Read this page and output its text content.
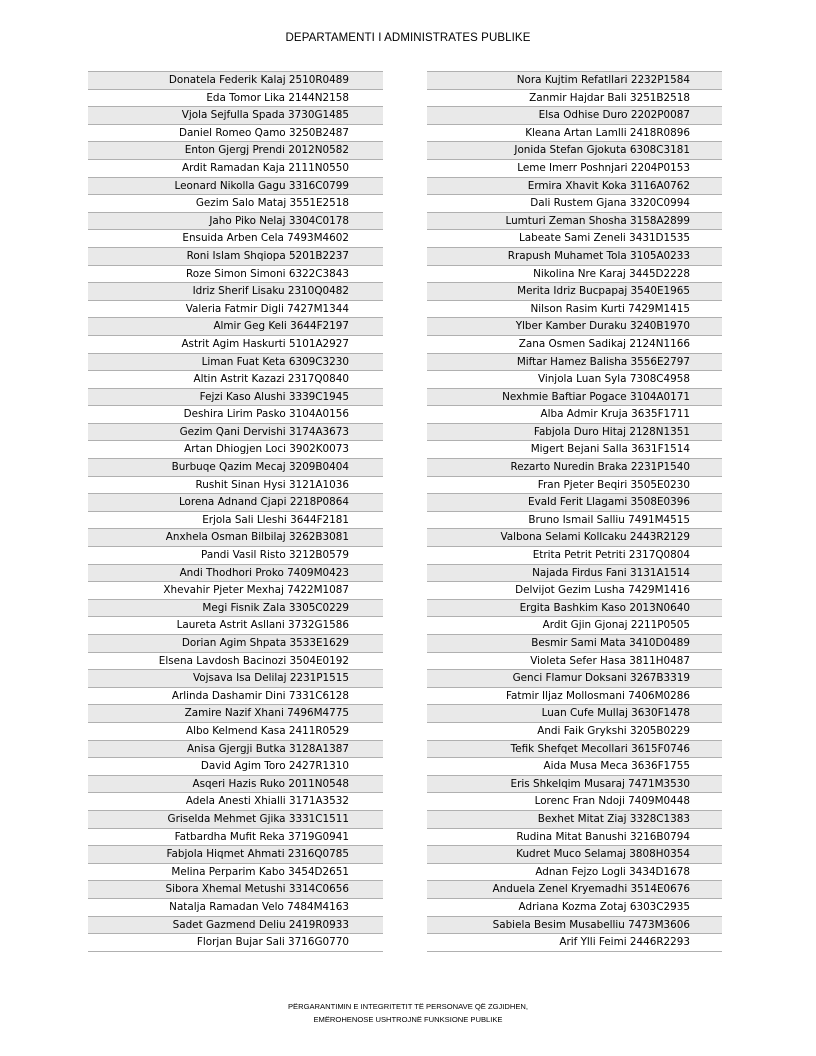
DEPARTAMENTI I ADMINISTRATES PUBLIKE
Donatela Federik Kalaj 2510R0489
Eda Tomor Lika 2144N2158
Vjola Sejfulla Spada 3730G1485
Daniel Romeo Qamo 3250B2487
Enton Gjergj Prendi 2012N0582
Ardit Ramadan Kaja 2111N0550
Leonard Nikolla Gagu 3316C0799
Gezim Salo Mataj 3551E2518
Jaho Piko Nelaj 3304C0178
Ensuida Arben Cela 7493M4602
Roni Islam Shqiopa 5201B2237
Roze Simon Simoni 6322C3843
Idriz Sherif Lisaku 2310Q0482
Valeria Fatmir Digli 7427M1344
Almir Geg Keli 3644F2197
Astrit Agim Haskurti 5101A2927
Liman Fuat Keta 6309C3230
Altin Astrit Kazazi 2317Q0840
Fejzi Kaso Alushi 3339C1945
Deshira Lirim Pasko 3104A0156
Gezim Qani Dervishi 3174A3673
Artan Dhiogjen Loci 3902K0073
Burbuqe Qazim Mecaj 3209B0404
Rushit Sinan Hysi 3121A1036
Lorena Adnand Cjapi 2218P0864
Erjola Sali Lleshi 3644F2181
Anxhela Osman Bilbilaj 3262B3081
Pandi Vasil Risto 3212B0579
Andi Thodhori Proko 7409M0423
Xhevahir Pjeter Mexhaj 7422M1087
Megi Fisnik Zala 3305C0229
Laureta Astrit Asllani 3732G1586
Dorian Agim Shpata 3533E1629
Elsena Lavdosh Bacinozi 3504E0192
Vojsava Isa Delilaj 2231P1515
Arlinda Dashamir Dini 7331C6128
Zamire Nazif Xhani 7496M4775
Albo Kelmend Kasa 2411R0529
Anisa Gjergji Butka 3128A1387
David Agim Toro 2427R1310
Asqeri Hazis Ruko 2011N0548
Adela Anesti Xhialli 3171A3532
Griselda Mehmet Gjika 3331C1511
Fatbardha Mufit Reka 3719G0941
Fabjola Hiqmet Ahmati 2316Q0785
Melina Perparim Kabo 3454D2651
Sibora Xhemal Metushi 3314C0656
Natalja Ramadan Velo 7484M4163
Sadet Gazmend Deliu 2419R0933
Florjan Bujar Sali 3716G0770
Nora Kujtim Refatllari 2232P1584
Zanmir Hajdar Bali 3251B2518
Elsa Odhise Duro 2202P0087
Kleana Artan Lamlli 2418R0896
Jonida Stefan Gjokuta 6308C3181
Leme Imerr Poshnjari 2204P0153
Ermira Xhavit Koka 3116A0762
Dali Rustem Gjana 3320C0994
Lumturi Zeman Shosha 3158A2899
Labeate Sami Zeneli 3431D1535
Rrapush Muhamet Tola 3105A0233
Nikolina Nre Karaj 3445D2228
Merita Idriz Bucpapaj 3540E1965
Nilson Rasim Kurti 7429M1415
Ylber Kamber Duraku 3240B1970
Zana Osmen Sadikaj 2124N1166
Miftar Hamez Balisha 3556E2797
Vinjola Luan Syla 7308C4958
Nexhmie Baftiar Pogace 3104A0171
Alba Admir Kruja 3635F1711
Fabjola Duro Hitaj 2128N1351
Migert Bejani Salla 3631F1514
Rezarto Nuredin Braka 2231P1540
Fran Pjeter Beqiri 3505E0230
Evald Ferit Llagami 3508E0396
Bruno Ismail Salliu 7491M4515
Valbona Selami Kollcaku 2443R2129
Etrita Petrit Petriti 2317Q0804
Najada Firdus Fani 3131A1514
Delvijot Gezim Lusha 7429M1416
Ergita Bashkim Kaso 2013N0640
Ardit Gjin Gjonaj 2211P0505
Besmir Sami Mata 3410D0489
Violeta Sefer Hasa 3811H0487
Genci Flamur Doksani 3267B3319
Fatmir Iljaz Mollosmani 7406M0286
Luan Cufe Mullaj 3630F1478
Andi Faik Grykshi 3205B0229
Tefik Shefqet Mecollari 3615F0746
Aida Musa Meca 3636F1755
Eris Shkelqim Musaraj 7471M3530
Lorenc Fran Ndoji 7409M0448
Bexhet Mitat Ziaj 3328C1383
Rudina Mitat Banushi 3216B0794
Kudret Muco Selamaj 3808H0354
Adnan Fejzo Logli 3434D1678
Anduela Zenel Kryemadhi 3514E0676
Adriana Kozma Zotaj 6303C2935
Sabiela Besim Musabelliu 7473M3606
Arif Ylli Feimi 2446R2293
PËRGARANTIMIN E INTEGRITETIT TË PERSONAVE QË ZGJIDHEN,
EMËROHENOSE USHTROJNË FUNKSIONE PUBLIKE
